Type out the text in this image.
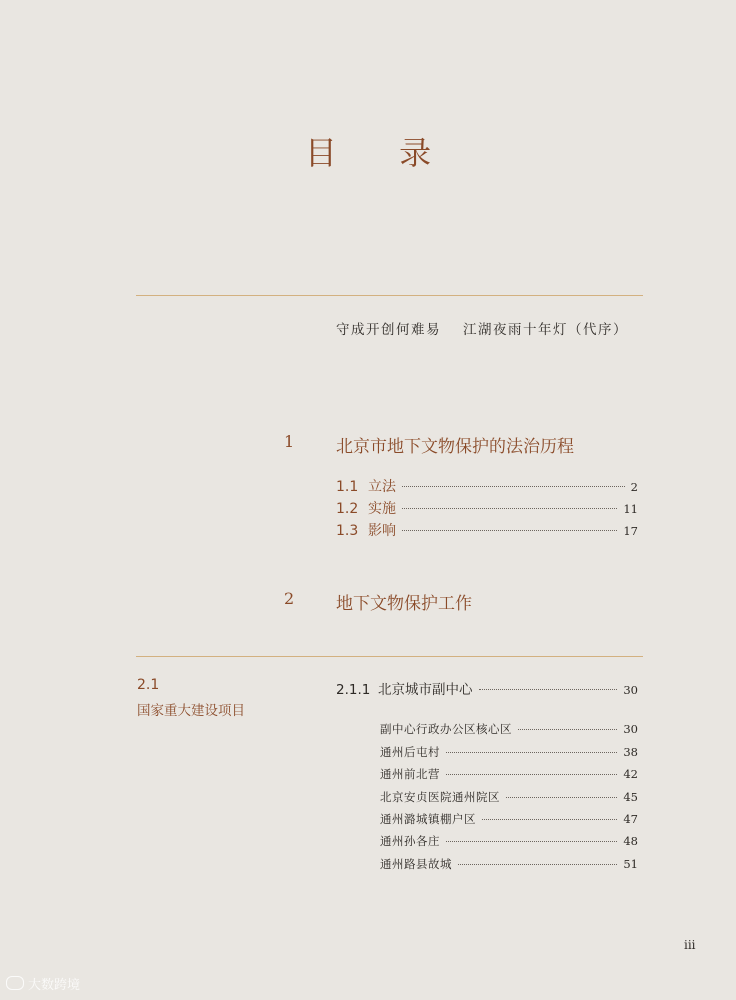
目 录
守成开创何难易 江湖夜雨十年灯（代序）
1 北京市地下文物保护的法治历程
1.1 立法	2
1.2 实施	11
1.3 影响	17
2 地下文物保护工作
2.1
国家重大建设项目
2.1.1 北京城市副中心	30
副中心行政办公区核心区	30
通州后屯村	38
通州前北营	42
北京安贞医院通州院区	45
通州潞城镇棚户区	47
通州孙各庄	48
通州路县故城	51
iii
大数跨境
